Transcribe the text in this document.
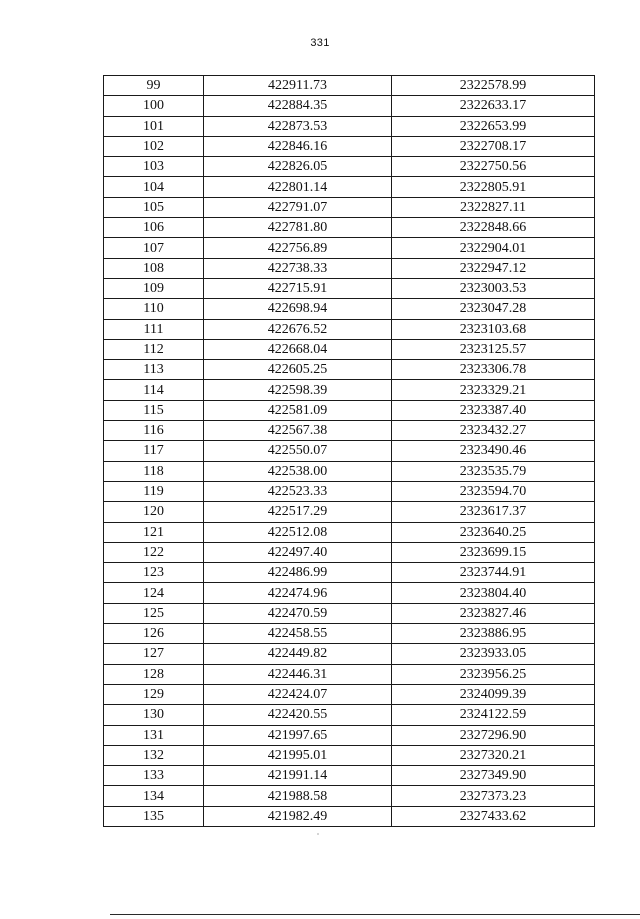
331
99	422911.73	2322578.99
100	422884.35	2322633.17
101	422873.53	2322653.99
102	422846.16	2322708.17
103	422826.05	2322750.56
104	422801.14	2322805.91
105	422791.07	2322827.11
106	422781.80	2322848.66
107	422756.89	2322904.01
108	422738.33	2322947.12
109	422715.91	2323003.53
110	422698.94	2323047.28
111	422676.52	2323103.68
112	422668.04	2323125.57
113	422605.25	2323306.78
114	422598.39	2323329.21
115	422581.09	2323387.40
116	422567.38	2323432.27
117	422550.07	2323490.46
118	422538.00	2323535.79
119	422523.33	2323594.70
120	422517.29	2323617.37
121	422512.08	2323640.25
122	422497.40	2323699.15
123	422486.99	2323744.91
124	422474.96	2323804.40
125	422470.59	2323827.46
126	422458.55	2323886.95
127	422449.82	2323933.05
128	422446.31	2323956.25
129	422424.07	2324099.39
130	422420.55	2324122.59
131	421997.65	2327296.90
132	421995.01	2327320.21
133	421991.14	2327349.90
134	421988.58	2327373.23
135	421982.49	2327433.62
